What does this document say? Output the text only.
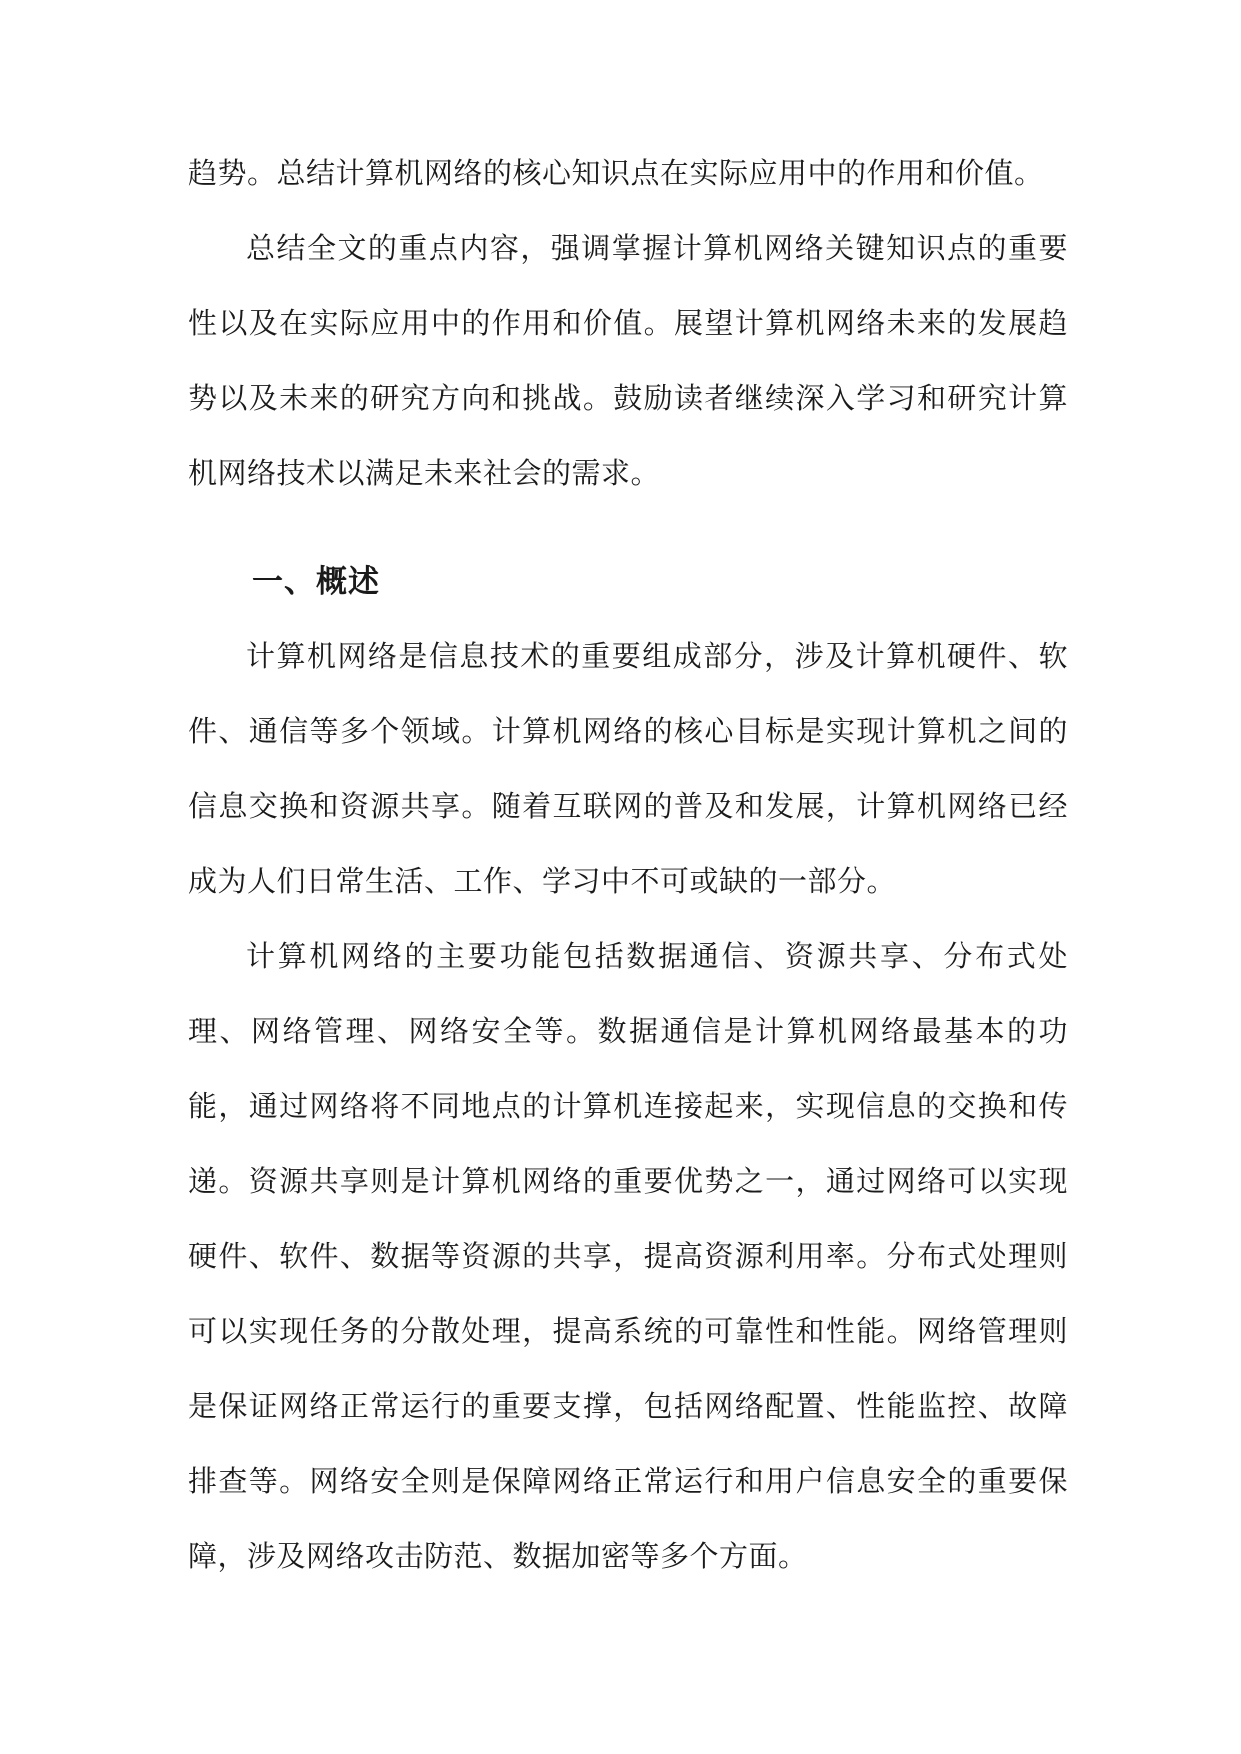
趋势。总结计算机网络的核心知识点在实际应用中的作用和价值。

总结全文的重点内容，强调掌握计算机网络关键知识点的重要性以及在实际应用中的作用和价值。展望计算机网络未来的发展趋势以及未来的研究方向和挑战。鼓励读者继续深入学习和研究计算机网络技术以满足未来社会的需求。

一、概述

计算机网络是信息技术的重要组成部分，涉及计算机硬件、软件、通信等多个领域。计算机网络的核心目标是实现计算机之间的信息交换和资源共享。随着互联网的普及和发展，计算机网络已经成为人们日常生活、工作、学习中不可或缺的一部分。

计算机网络的主要功能包括数据通信、资源共享、分布式处理、网络管理、网络安全等。数据通信是计算机网络最基本的功能，通过网络将不同地点的计算机连接起来，实现信息的交换和传递。资源共享则是计算机网络的重要优势之一，通过网络可以实现硬件、软件、数据等资源的共享，提高资源利用率。分布式处理则可以实现任务的分散处理，提高系统的可靠性和性能。网络管理则是保证网络正常运行的重要支撑，包括网络配置、性能监控、故障排查等。网络安全则是保障网络正常运行和用户信息安全的重要保障，涉及网络攻击防范、数据加密等多个方面。
